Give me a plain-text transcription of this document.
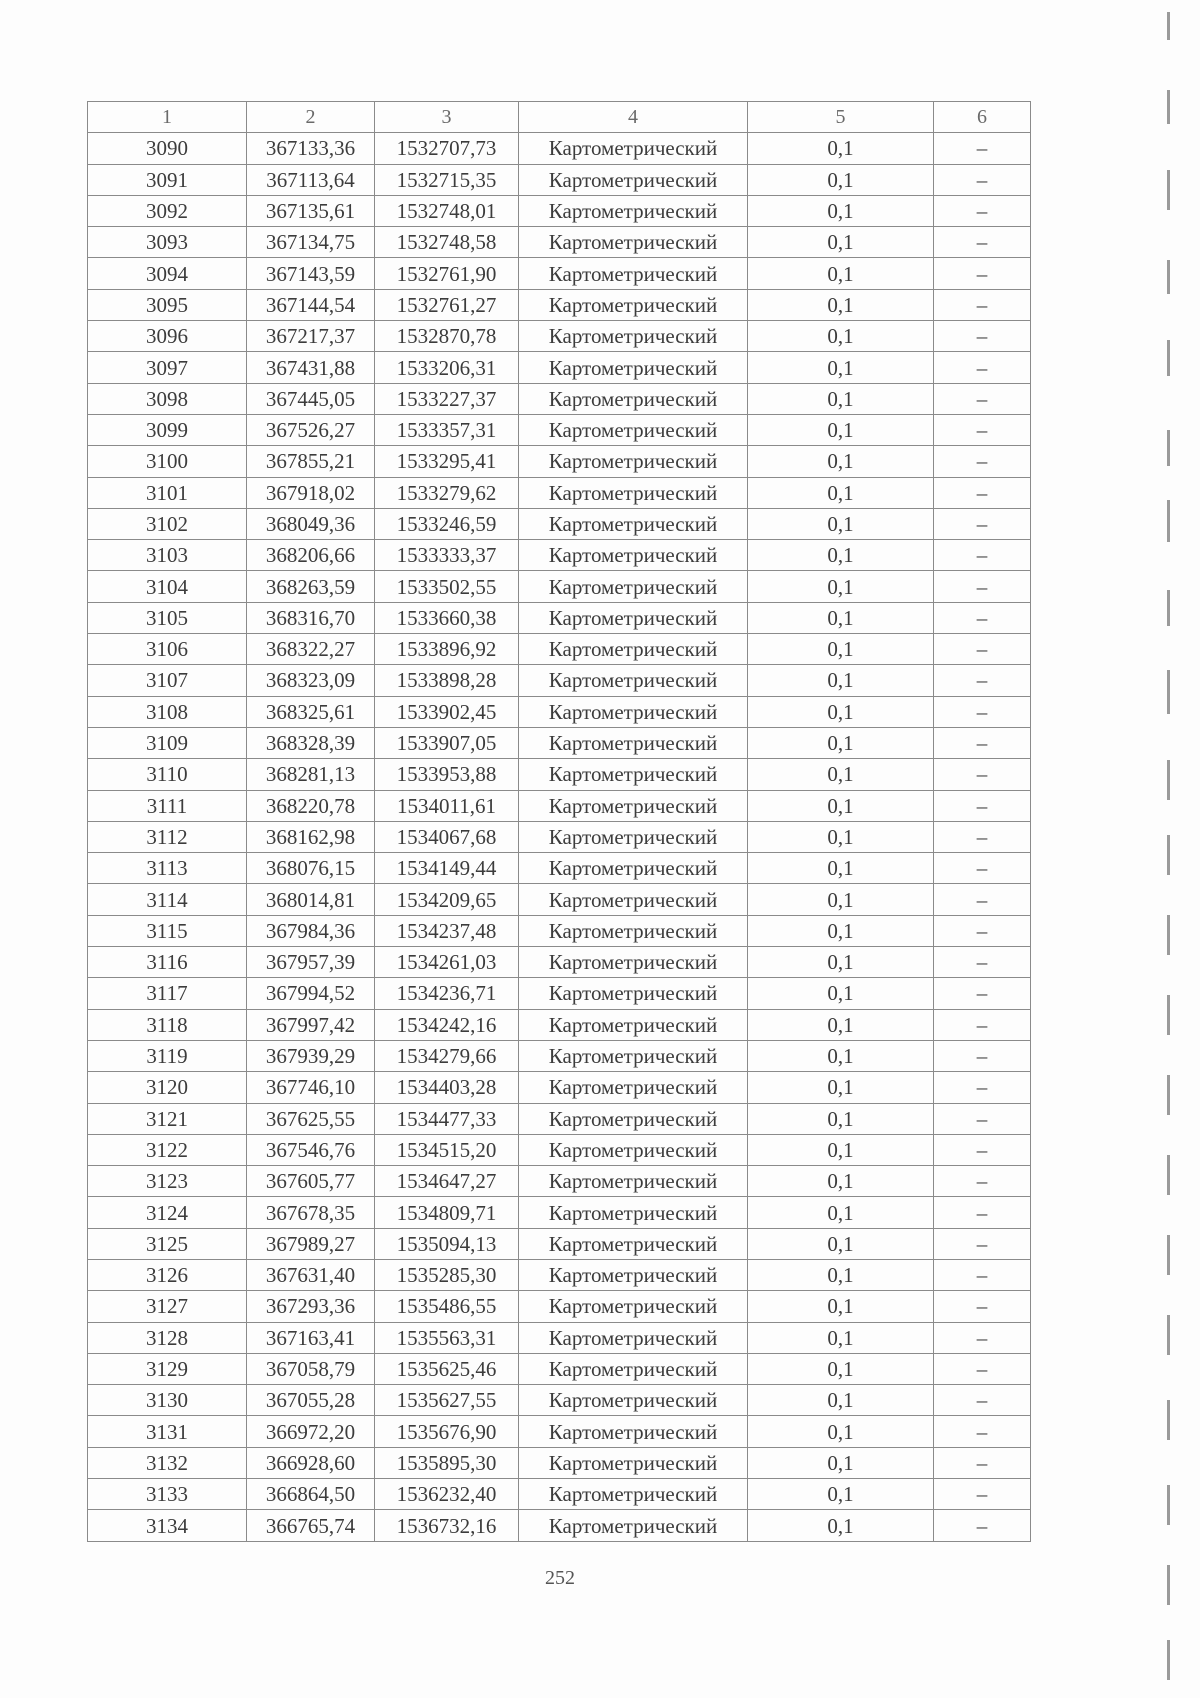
1	2	3	4	5	6
3090	367133,36	1532707,73	Картометрический	0,1	–
3091	367113,64	1532715,35	Картометрический	0,1	–
3092	367135,61	1532748,01	Картометрический	0,1	–
3093	367134,75	1532748,58	Картометрический	0,1	–
3094	367143,59	1532761,90	Картометрический	0,1	–
3095	367144,54	1532761,27	Картометрический	0,1	–
3096	367217,37	1532870,78	Картометрический	0,1	–
3097	367431,88	1533206,31	Картометрический	0,1	–
3098	367445,05	1533227,37	Картометрический	0,1	–
3099	367526,27	1533357,31	Картометрический	0,1	–
3100	367855,21	1533295,41	Картометрический	0,1	–
3101	367918,02	1533279,62	Картометрический	0,1	–
3102	368049,36	1533246,59	Картометрический	0,1	–
3103	368206,66	1533333,37	Картометрический	0,1	–
3104	368263,59	1533502,55	Картометрический	0,1	–
3105	368316,70	1533660,38	Картометрический	0,1	–
3106	368322,27	1533896,92	Картометрический	0,1	–
3107	368323,09	1533898,28	Картометрический	0,1	–
3108	368325,61	1533902,45	Картометрический	0,1	–
3109	368328,39	1533907,05	Картометрический	0,1	–
3110	368281,13	1533953,88	Картометрический	0,1	–
3111	368220,78	1534011,61	Картометрический	0,1	–
3112	368162,98	1534067,68	Картометрический	0,1	–
3113	368076,15	1534149,44	Картометрический	0,1	–
3114	368014,81	1534209,65	Картометрический	0,1	–
3115	367984,36	1534237,48	Картометрический	0,1	–
3116	367957,39	1534261,03	Картометрический	0,1	–
3117	367994,52	1534236,71	Картометрический	0,1	–
3118	367997,42	1534242,16	Картометрический	0,1	–
3119	367939,29	1534279,66	Картометрический	0,1	–
3120	367746,10	1534403,28	Картометрический	0,1	–
3121	367625,55	1534477,33	Картометрический	0,1	–
3122	367546,76	1534515,20	Картометрический	0,1	–
3123	367605,77	1534647,27	Картометрический	0,1	–
3124	367678,35	1534809,71	Картометрический	0,1	–
3125	367989,27	1535094,13	Картометрический	0,1	–
3126	367631,40	1535285,30	Картометрический	0,1	–
3127	367293,36	1535486,55	Картометрический	0,1	–
3128	367163,41	1535563,31	Картометрический	0,1	–
3129	367058,79	1535625,46	Картометрический	0,1	–
3130	367055,28	1535627,55	Картометрический	0,1	–
3131	366972,20	1535676,90	Картометрический	0,1	–
3132	366928,60	1535895,30	Картометрический	0,1	–
3133	366864,50	1536232,40	Картометрический	0,1	–
3134	366765,74	1536732,16	Картометрический	0,1	–
252
